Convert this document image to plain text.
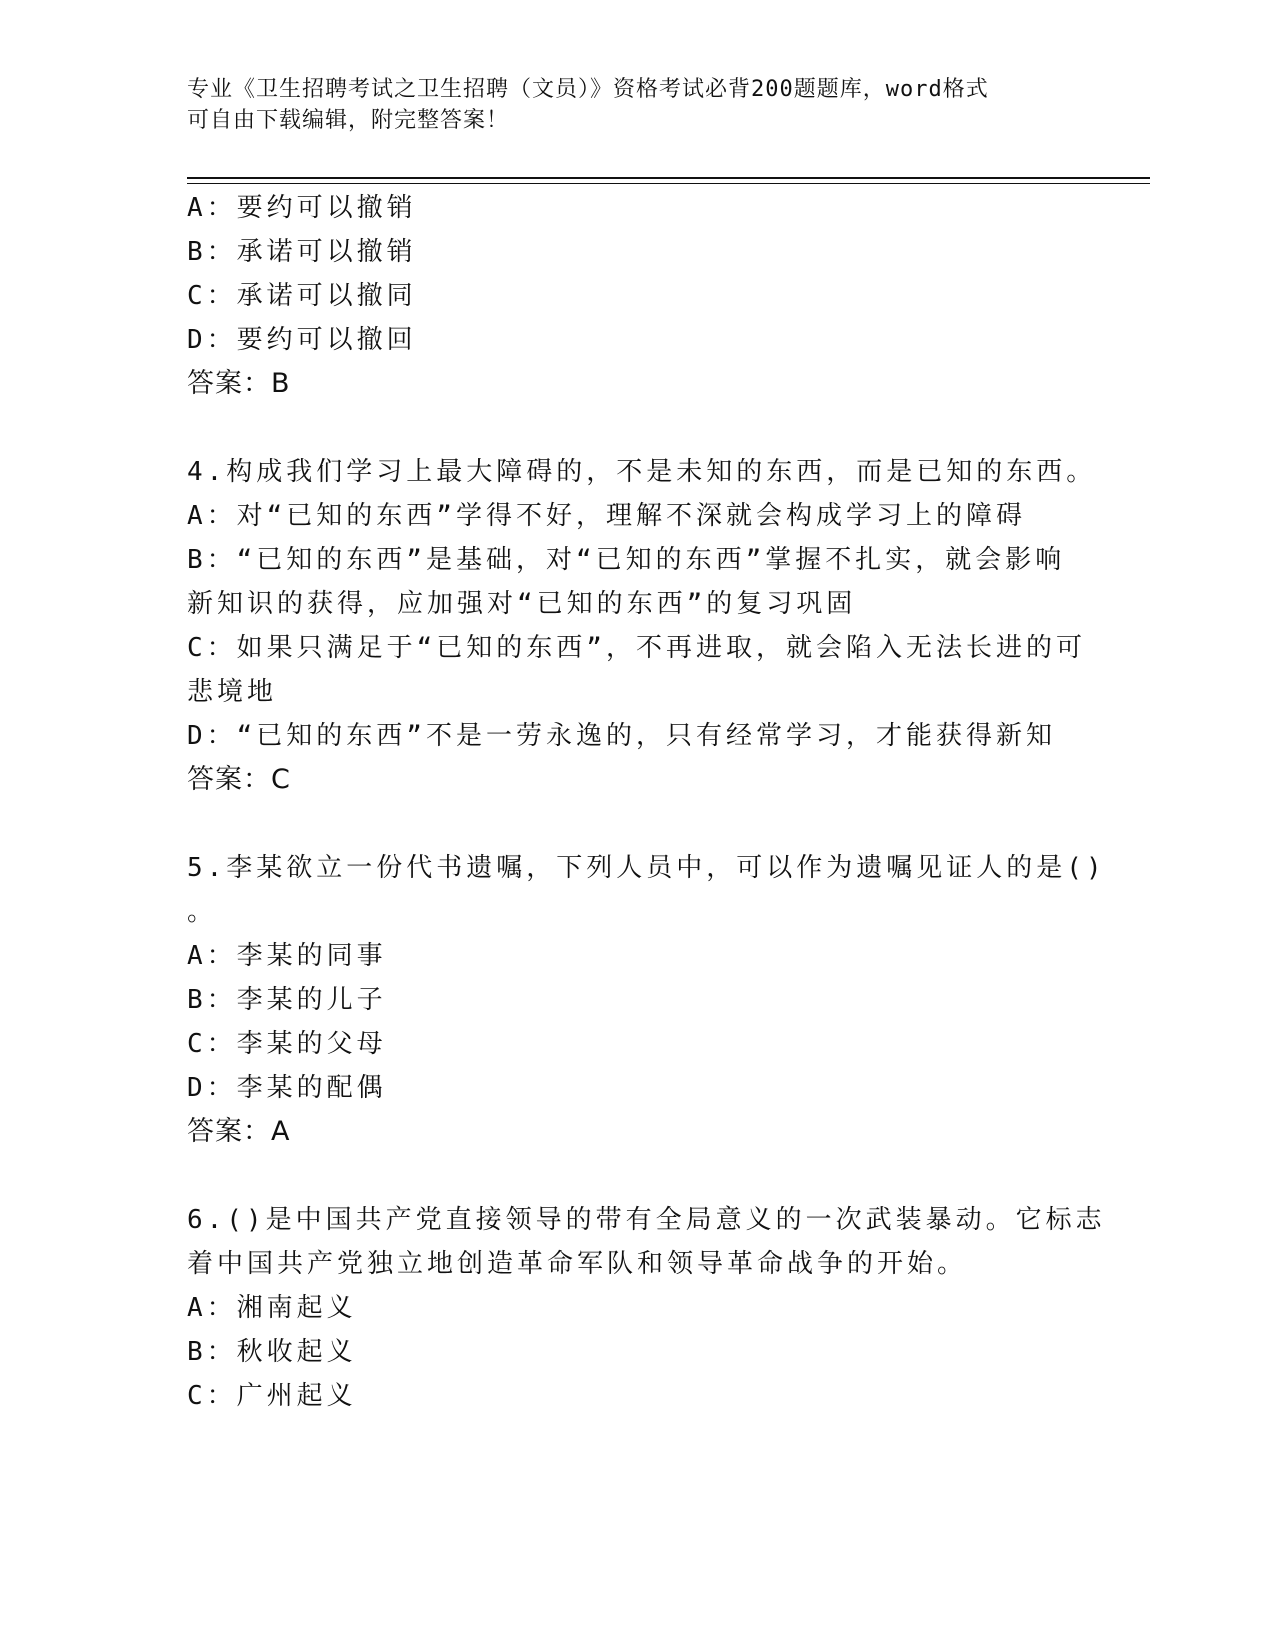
专业《卫生招聘考试之卫生招聘（文员）》资格考试必背200题题库，word格式
可自由下载编辑，附完整答案！
A：要约可以撤销
B：承诺可以撤销
C：承诺可以撤同
D：要约可以撤回
答案：B
4.构成我们学习上最大障碍的，不是未知的东西，而是已知的东西。
A：对“已知的东西”学得不好，理解不深就会构成学习上的障碍
B：“已知的东西”是基础，对“已知的东西”掌握不扎实，就会影响
新知识的获得，应加强对“已知的东西”的复习巩固
C：如果只满足于“已知的东西”，不再进取，就会陷入无法长进的可
悲境地
D：“已知的东西”不是一劳永逸的，只有经常学习，才能获得新知
答案：C
5.李某欲立一份代书遗嘱，下列人员中，可以作为遗嘱见证人的是()
。
A：李某的同事
B：李某的儿子
C：李某的父母
D：李某的配偶
答案：A
6.()是中国共产党直接领导的带有全局意义的一次武装暴动。它标志
着中国共产党独立地创造革命军队和领导革命战争的开始。
A：湘南起义
B：秋收起义
C：广州起义
